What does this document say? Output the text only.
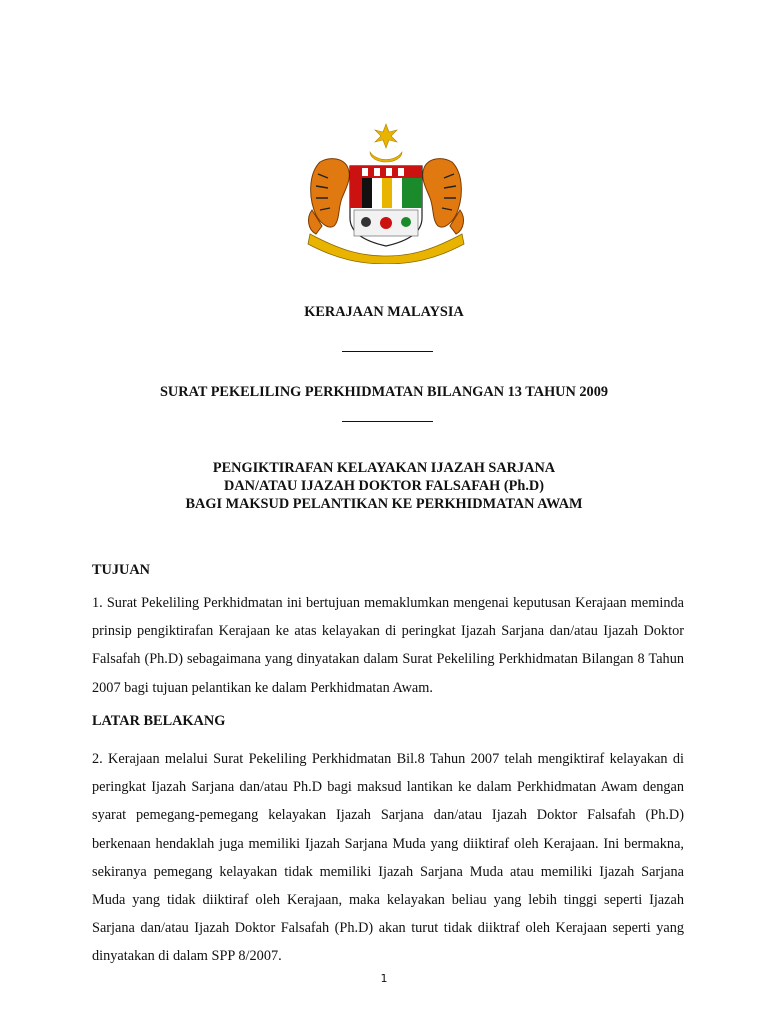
KERAJAAN MALAYSIA
SURAT PEKELILING PERKHIDMATAN BILANGAN 13 TAHUN 2009
PENGIKTIRAFAN KELAYAKAN IJAZAH SARJANA
DAN/ATAU IJAZAH DOKTOR FALSAFAH (Ph.D)
BAGI MAKSUD PELANTIKAN KE PERKHIDMATAN AWAM
TUJUAN

1. Surat Pekeliling Perkhidmatan ini bertujuan memaklumkan mengenai keputusan Kerajaan meminda prinsip pengiktirafan Kerajaan ke atas kelayakan di peringkat Ijazah Sarjana dan/atau Ijazah Doktor Falsafah (Ph.D) sebagaimana yang dinyatakan dalam Surat Pekeliling Perkhidmatan Bilangan 8 Tahun 2007 bagi tujuan pelantikan ke dalam Perkhidmatan Awam.

LATAR BELAKANG

2. Kerajaan melalui Surat Pekeliling Perkhidmatan Bil.8 Tahun 2007 telah mengiktiraf kelayakan di peringkat Ijazah Sarjana dan/atau Ph.D bagi maksud lantikan ke dalam Perkhidmatan Awam dengan syarat pemegang-pemegang kelayakan Ijazah Sarjana dan/atau Ijazah Doktor Falsafah (Ph.D) berkenaan hendaklah juga memiliki Ijazah Sarjana Muda yang diiktiraf oleh Kerajaan. Ini bermakna, sekiranya pemegang kelayakan tidak memiliki Ijazah Sarjana Muda atau memiliki Ijazah Sarjana Muda yang tidak diiktiraf oleh Kerajaan, maka kelayakan beliau yang lebih tinggi seperti Ijazah Sarjana dan/atau Ijazah Doktor Falsafah (Ph.D) akan turut tidak diiktraf oleh Kerajaan seperti yang dinyatakan di dalam SPP 8/2007.

1
